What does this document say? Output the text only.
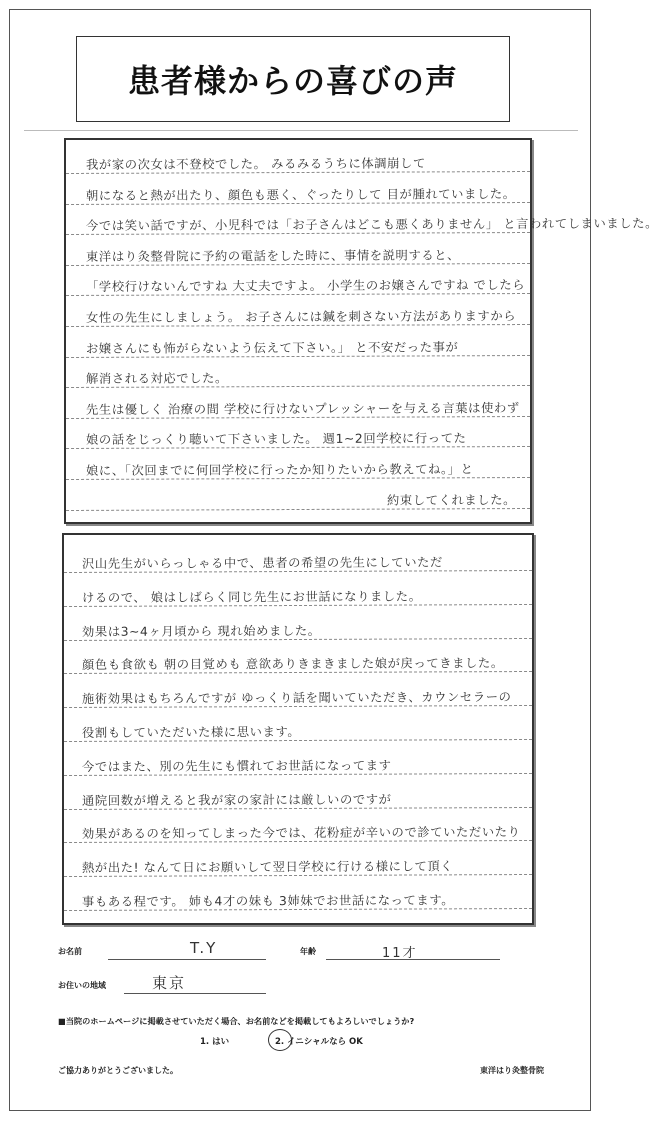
患者様からの喜びの声
我が家の次女は不登校でした。 みるみるうちに体調崩して
朝になると熱が出たり、顔色も悪く、ぐったりして 目が腫れていました。
今では笑い話ですが、小児科では「お子さんはどこも悪くありません」 と言われてしまいました。
東洋はり灸整骨院に予約の電話をした時に、事情を説明すると、
「学校行けないんですね 大丈夫ですよ。 小学生のお嬢さんですね でしたら
女性の先生にしましょう。 お子さんには鍼を刺さない方法がありますから
お嬢さんにも怖がらないよう伝えて下さい。」 と不安だった事が
解消される対応でした。
先生は優しく 治療の間 学校に行けないプレッシャーを与える言葉は使わず
娘の話をじっくり聴いて下さいました。 週1~2回学校に行ってた
娘に、「次回までに何回学校に行ったか知りたいから教えてね。」と
約束してくれました。
沢山先生がいらっしゃる中で、患者の希望の先生にしていただ
けるので、 娘はしばらく同じ先生にお世話になりました。
効果は3~4ヶ月頃から 現れ始めました。
顔色も食欲も 朝の目覚めも 意欲ありきまきました娘が戻ってきました。
施術効果はもちろんですが ゆっくり話を聞いていただき、カウンセラーの
役割もしていただいた様に思います。
今ではまた、別の先生にも慣れてお世話になってます
通院回数が増えると我が家の家計には厳しいのですが
効果があるのを知ってしまった今では、花粉症が辛いので診ていただいたり
熱が出た! なんて日にお願いして翌日学校に行ける様にして頂く
事もある程です。 姉も4才の妹も 3姉妹でお世話になってます。
お名前	T.Y	年齢	11才
お住いの地域	東京
■当院のホームページに掲載させていただく場合、お名前などを掲載してもよろしいでしょうか?
1. はい	2. イニシャルなら OK
ご協力ありがとうございました。	東洋はり灸整骨院
